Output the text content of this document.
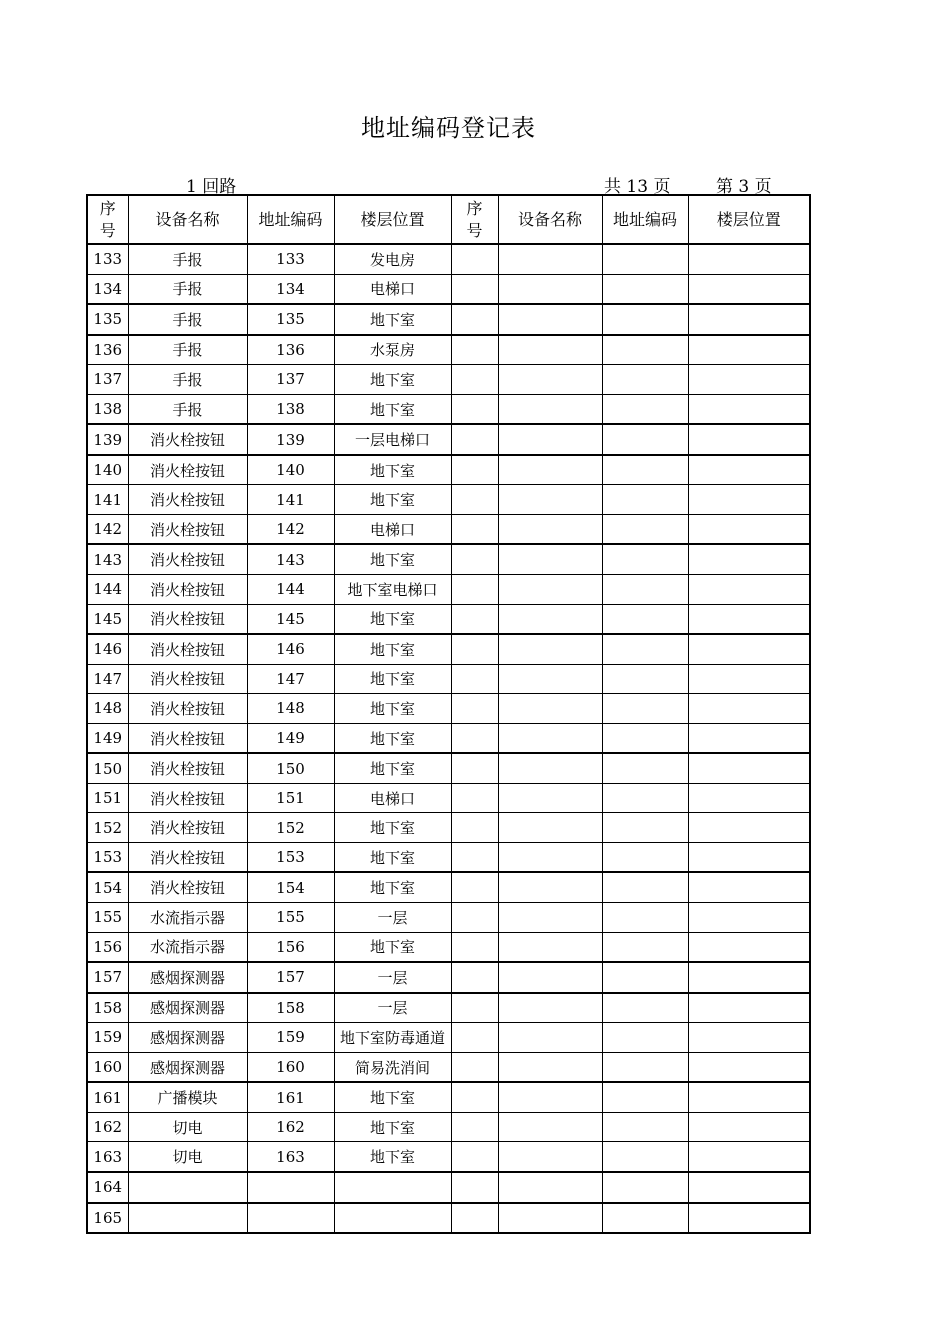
地址编码登记表
1 回路	共 13 页	第 3 页
序号	设备名称	地址编码	楼层位置	序号	设备名称	地址编码	楼层位置
133	手报	133	发电房				
134	手报	134	电梯口				
135	手报	135	地下室				
136	手报	136	水泵房				
137	手报	137	地下室				
138	手报	138	地下室				
139	消火栓按钮	139	一层电梯口				
140	消火栓按钮	140	地下室				
141	消火栓按钮	141	地下室				
142	消火栓按钮	142	电梯口				
143	消火栓按钮	143	地下室				
144	消火栓按钮	144	地下室电梯口				
145	消火栓按钮	145	地下室				
146	消火栓按钮	146	地下室				
147	消火栓按钮	147	地下室				
148	消火栓按钮	148	地下室				
149	消火栓按钮	149	地下室				
150	消火栓按钮	150	地下室				
151	消火栓按钮	151	电梯口				
152	消火栓按钮	152	地下室				
153	消火栓按钮	153	地下室				
154	消火栓按钮	154	地下室				
155	水流指示器	155	一层				
156	水流指示器	156	地下室				
157	感烟探测器	157	一层				
158	感烟探测器	158	一层				
159	感烟探测器	159	地下室防毒通道				
160	感烟探测器	160	简易洗消间				
161	广播模块	161	地下室				
162	切电	162	地下室				
163	切电	163	地下室				
164							
165							
